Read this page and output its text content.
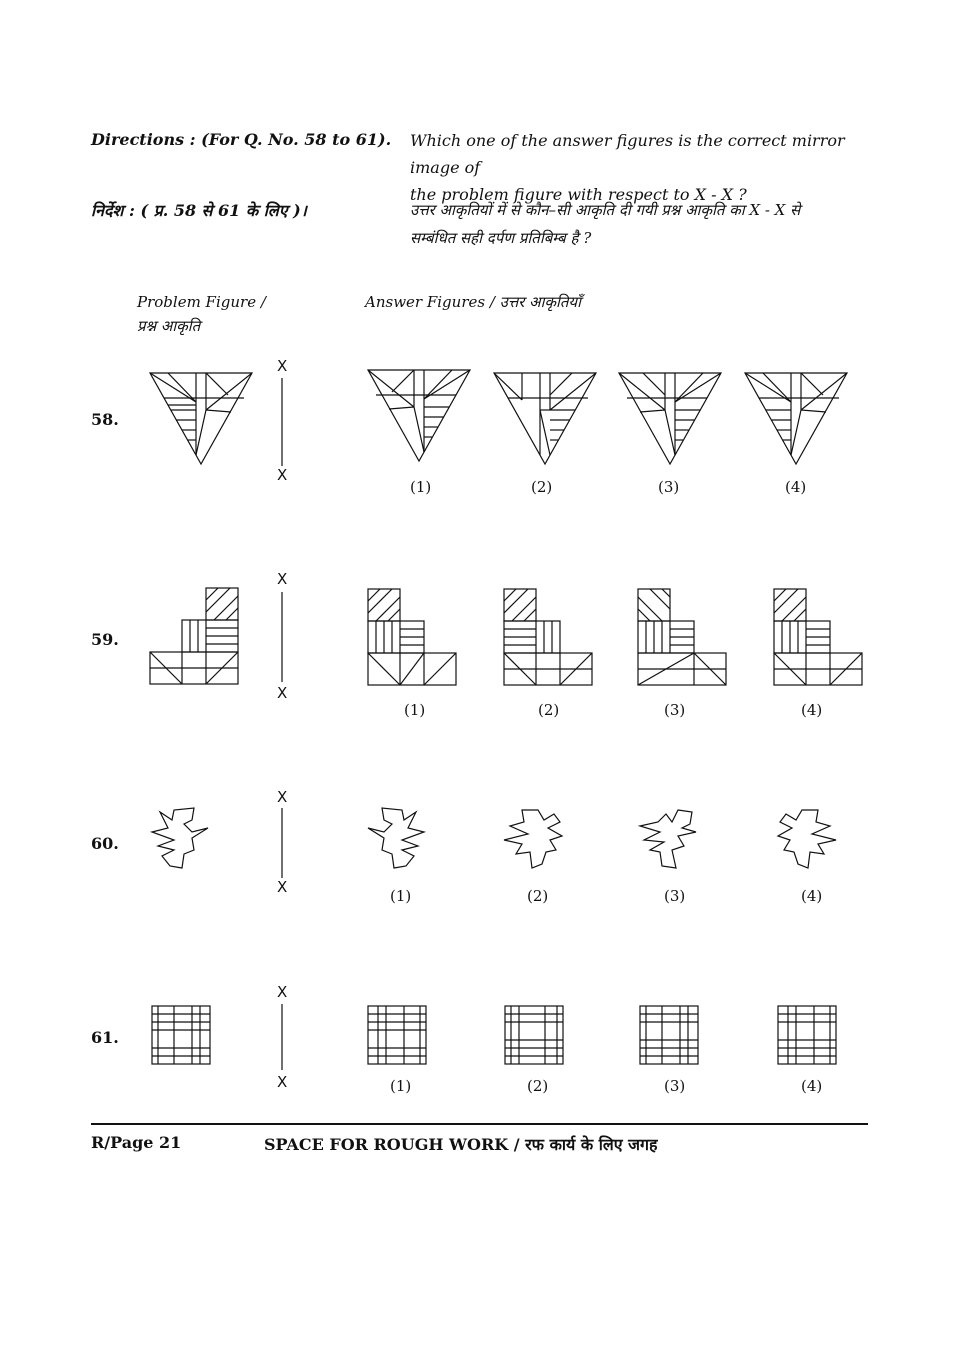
Directions : (For Q. No. 58 to 61). Which one of the answer figures is the correct mirror image of
the problem figure with respect to X - X ?
निर्देश : ( प्र. 58 से 61 के लिए )।	उत्तर आकृतियों में से कौन–सी आकृति दी गयी प्रश्न आकृति का X - X से
सम्बंधित सही दर्पण प्रतिबिम्ब है ?
Problem Figure /
प्रश्न आकृति
Answer Figures / उत्तर आकृतियाँ
58.
X
X
(1)	(2)	(3)	(4)
59.
X
X
(1)	(2)	(3)	(4)
60.
X
X	(1)	(2)	(3)	(4)
61.
X
X	(1)	(2)	(3)	(4)
R/Page 21	SPACE FOR ROUGH WORK / रफ कार्य के लिए जगह
